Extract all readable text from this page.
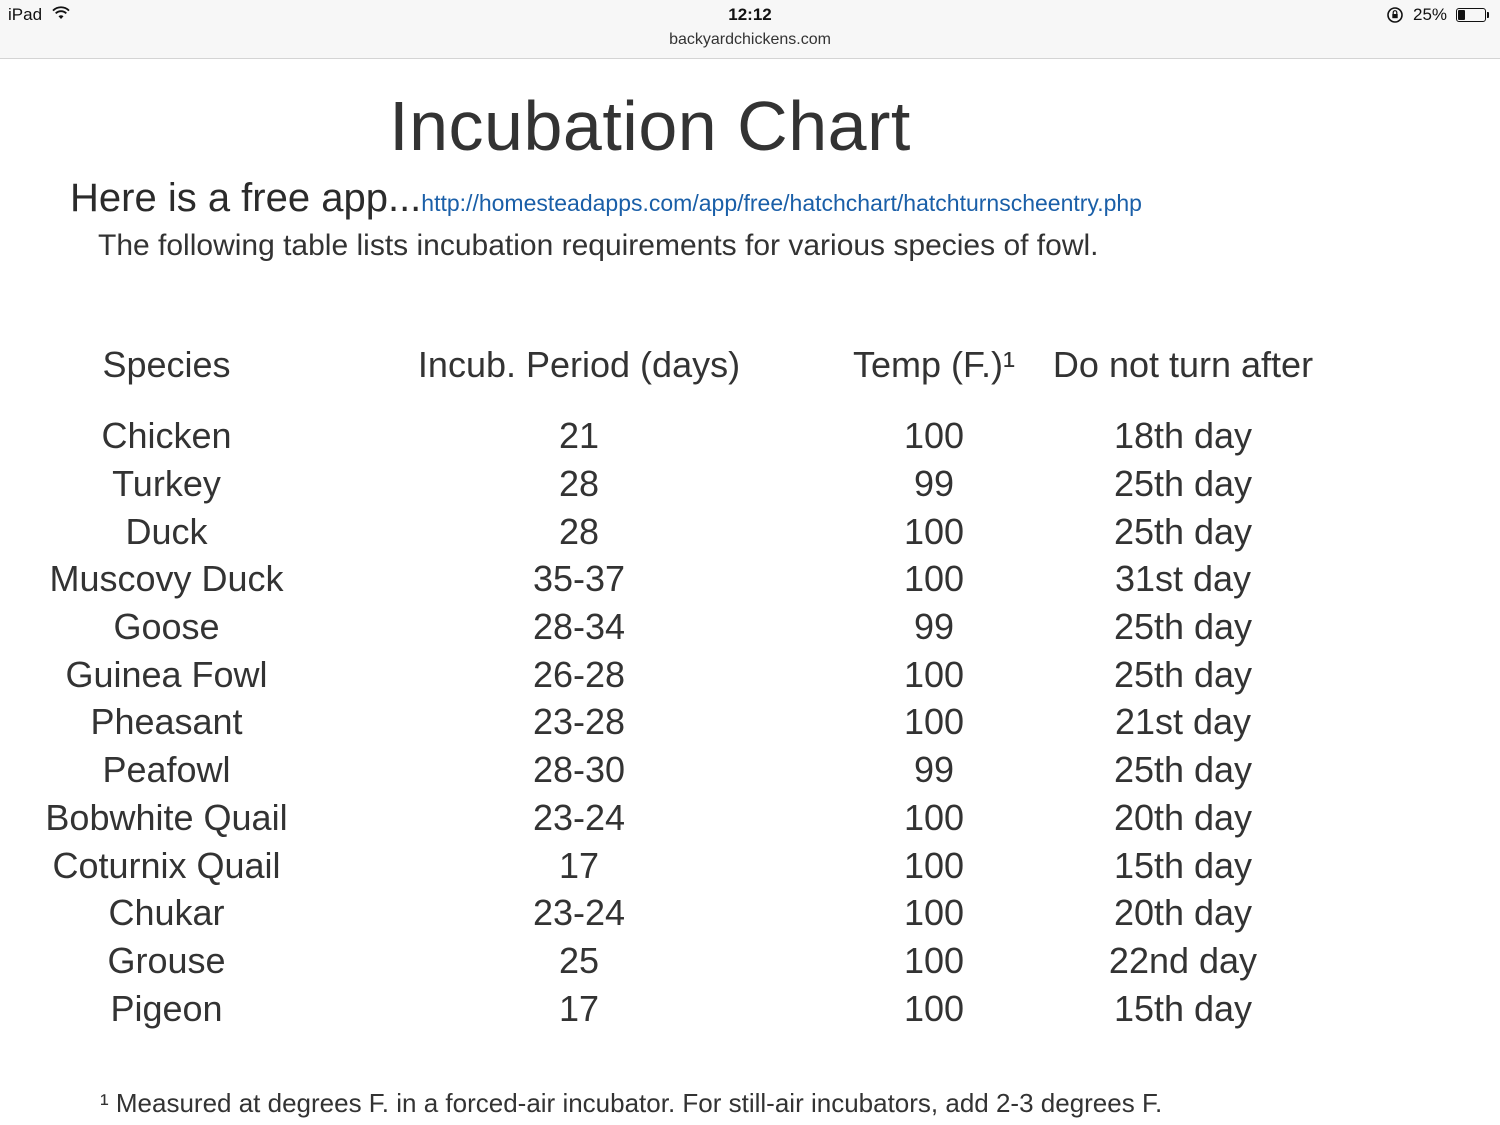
iPad	12:12
backyardchickens.com
25%
Incubation Chart
Here is a free app...http://homesteadapps.com/app/free/hatchchart/hatchturnscheentry.php
The following table lists incubation requirements for various species of fowl.
Species	Incub. Period (days)	Temp (F.)¹	Do not turn after
Chicken	21	100	18th day
Turkey	28	99	25th day
Duck	28	100	25th day
Muscovy Duck	35-37	100	31st day
Goose	28-34	99	25th day
Guinea Fowl	26-28	100	25th day
Pheasant	23-28	100	21st day
Peafowl	28-30	99	25th day
Bobwhite Quail	23-24	100	20th day
Coturnix Quail	17	100	15th day
Chukar	23-24	100	20th day
Grouse	25	100	22nd day
Pigeon	17	100	15th day
¹ Measured at degrees F. in a forced-air incubator. For still-air incubators, add 2-3 degrees F.
